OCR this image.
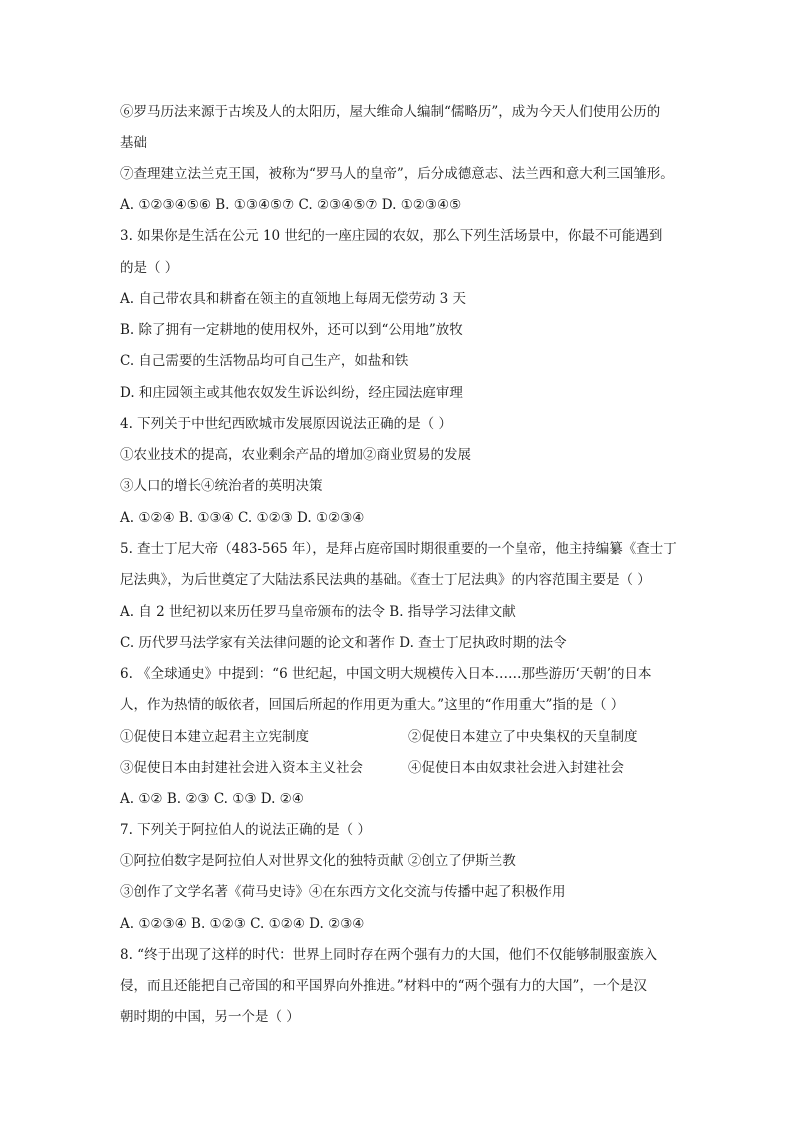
⑥罗马历法来源于古埃及人的太阳历，屋大维命人编制“儒略历”，成为今天人们使用公历的
基础
⑦查理建立法兰克王国，被称为“罗马人的皇帝”，后分成德意志、法兰西和意大利三国雏形。
A. ①②③④⑤⑥ B. ①③④⑤⑦ C. ②③④⑤⑦ D. ①②③④⑤
3. 如果你是生活在公元 10 世纪的一座庄园的农奴，那么下列生活场景中，你最不可能遇到
的是（ ）
A. 自己带农具和耕畜在领主的直领地上每周无偿劳动 3 天
B. 除了拥有一定耕地的使用权外，还可以到“公用地”放牧
C. 自己需要的生活物品均可自己生产，如盐和铁
D. 和庄园领主或其他农奴发生诉讼纠纷，经庄园法庭审理
4. 下列关于中世纪西欧城市发展原因说法正确的是（ ）
①农业技术的提高，农业剩余产品的增加②商业贸易的发展
③人口的增长④统治者的英明决策
A. ①②④ B. ①③④ C. ①②③ D. ①②③④
5. 查士丁尼大帝（483-565 年），是拜占庭帝国时期很重要的一个皇帝，他主持编纂《查士丁
尼法典》，为后世奠定了大陆法系民法典的基础。《查士丁尼法典》的内容范围主要是（ ）
A. 自 2 世纪初以来历任罗马皇帝颁布的法令 B. 指导学习法律文献
C. 历代罗马法学家有关法律问题的论文和著作 D. 查士丁尼执政时期的法令
6. 《全球通史》中提到：“6 世纪起，中国文明大规模传入日本……那些游历‘天朝’的日本
人，作为热情的皈依者，回国后所起的作用更为重大。”这里的“作用重大”指的是（ ）
①促使日本建立起君主立宪制度	②促使日本建立了中央集权的天皇制度
③促使日本由封建社会进入资本主义社会	④促使日本由奴隶社会进入封建社会
A. ①② B. ②③ C. ①③ D. ②④
7. 下列关于阿拉伯人的说法正确的是（ ）
①阿拉伯数字是阿拉伯人对世界文化的独特贡献 ②创立了伊斯兰教
③创作了文学名著《荷马史诗》④在东西方文化交流与传播中起了积极作用
A. ①②③④ B. ①②③ C. ①②④ D. ②③④
8. “终于出现了这样的时代：世界上同时存在两个强有力的大国，他们不仅能够制服蛮族入
侵，而且还能把自己帝国的和平国界向外推进。”材料中的“两个强有力的大国”，一个是汉
朝时期的中国，另一个是（ ）
